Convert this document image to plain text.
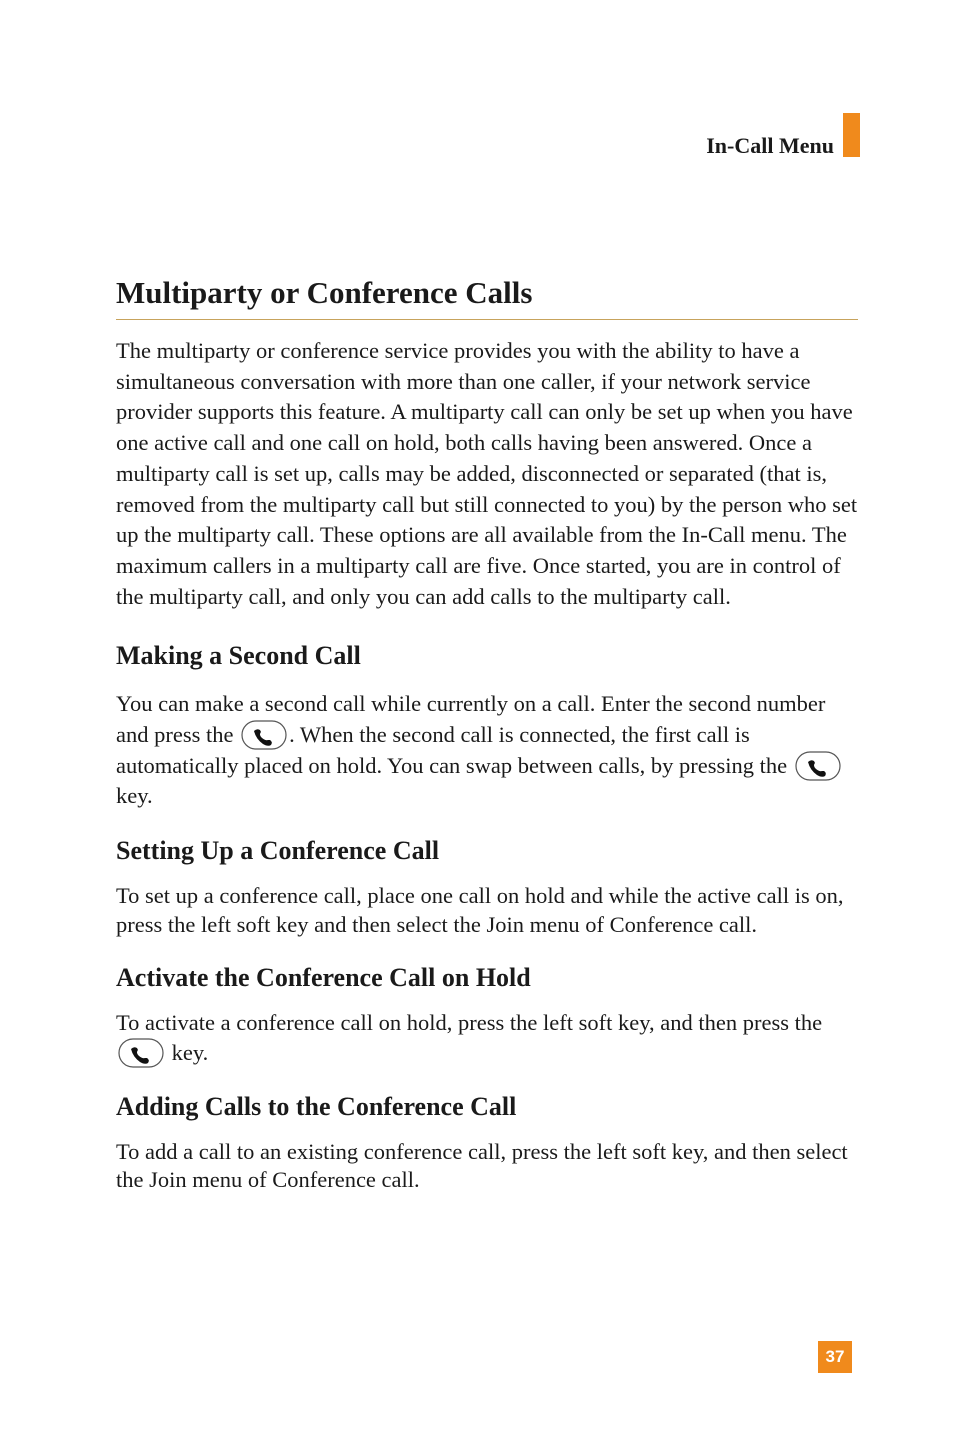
In-Call Menu
Multiparty or Conference Calls

The multiparty or conference service provides you with the ability to have a simultaneous conversation with more than one caller, if your network service provider supports this feature. A multiparty call can only be set up when you have one active call and one call on hold, both calls having been answered. Once a multiparty call is set up, calls may be added, disconnected or separated (that is, removed from the multiparty call but still connected to you) by the person who set up the multiparty call. These options are all available from the In-Call menu. The maximum callers in a multiparty call are five. Once started, you are in control of the multiparty call, and only you can add calls to the multiparty call.

Making a Second Call

You can make a second call while currently on a call. Enter the second number and press the . When the second call is connected, the first call is automatically placed on hold. You can swap between calls, by pressing the
key.

Setting Up a Conference Call

To set up a conference call, place one call on hold and while the active call is on, press the left soft key and then select the Join menu of Conference call.

Activate the Conference Call on Hold

To activate a conference call on hold, press the left soft key, and then press the
key.

Adding Calls to the Conference Call

To add a call to an existing conference call, press the left soft key, and then select the Join menu of Conference call.

37
